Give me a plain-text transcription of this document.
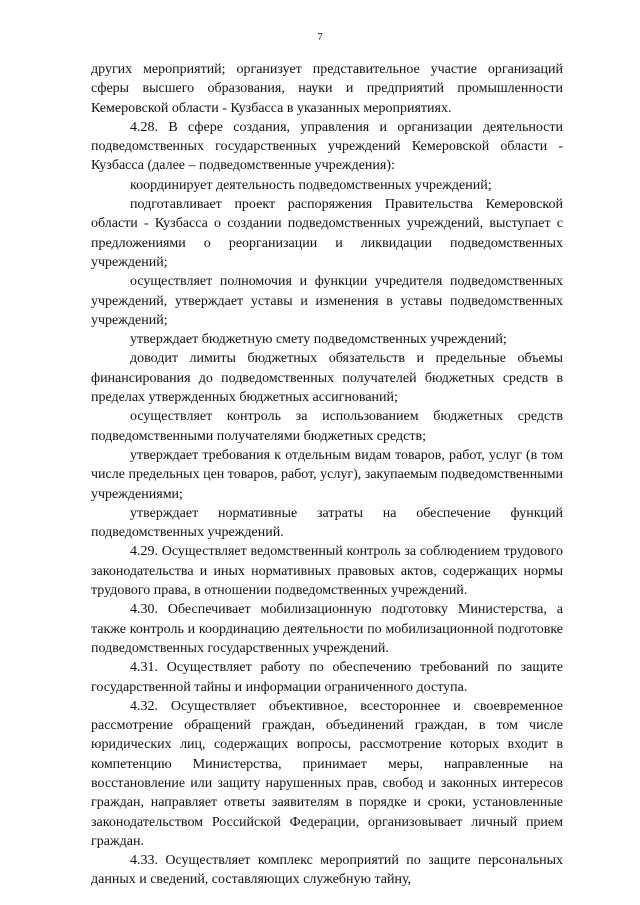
7

других мероприятий; организует представительное участие организаций сферы высшего образования, науки и предприятий промышленности Кемеровской области - Кузбасса в указанных мероприятиях.

4.28. В сфере создания, управления и организации деятельности подведомственных государственных учреждений Кемеровской области - Кузбасса (далее – подведомственные учреждения):

координирует деятельность подведомственных учреждений;

подготавливает проект распоряжения Правительства Кемеровской области - Кузбасса о создании подведомственных учреждений, выступает с предложениями о реорганизации и ликвидации подведомственных учреждений;

осуществляет полномочия и функции учредителя подведомственных учреждений, утверждает уставы и изменения в уставы подведомственных учреждений;

утверждает бюджетную смету подведомственных учреждений;

доводит лимиты бюджетных обязательств и предельные объемы финансирования до подведомственных получателей бюджетных средств в пределах утвержденных бюджетных ассигнований;

осуществляет контроль за использованием бюджетных средств подведомственными получателями бюджетных средств;

утверждает требования к отдельным видам товаров, работ, услуг (в том числе предельных цен товаров, работ, услуг), закупаемым подведомственными учреждениями;

утверждает нормативные затраты на обеспечение функций подведомственных учреждений.

4.29. Осуществляет ведомственный контроль за соблюдением трудового законодательства и иных нормативных правовых актов, содержащих нормы трудового права, в отношении подведомственных учреждений.

4.30. Обеспечивает мобилизационную подготовку Министерства, а также контроль и координацию деятельности по мобилизационной подготовке подведомственных государственных учреждений.

4.31. Осуществляет работу по обеспечению требований по защите государственной тайны и информации ограниченного доступа.

4.32. Осуществляет объективное, всестороннее и своевременное рассмотрение обращений граждан, объединений граждан, в том числе юридических лиц, содержащих вопросы, рассмотрение которых входит в компетенцию Министерства, принимает меры, направленные на восстановление или защиту нарушенных прав, свобод и законных интересов граждан, направляет ответы заявителям в порядке и сроки, установленные законодательством Российской Федерации, организовывает личный прием граждан.

4.33. Осуществляет комплекс мероприятий по защите персональных данных и сведений, составляющих служебную тайну,
